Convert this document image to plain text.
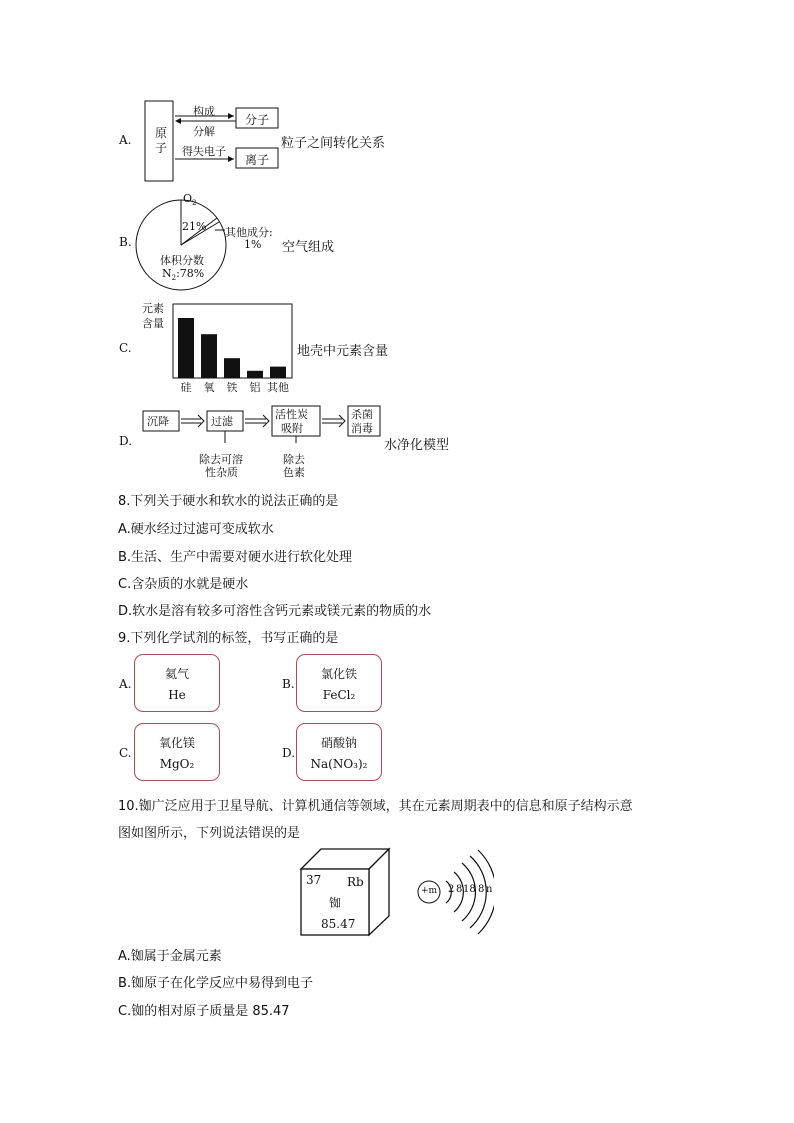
A.	原
子
构成
分解
得失电子
分子
离子
粒子之间转化关系
B.
$O_2$
21% 其他成分:
1%
体积分数
$N_2:78\%$
空气组成
C.
元素
含量
硅 氧 铁 铝 其他
地壳中元素含量
D.
沉降	过滤
活性炭
吸附
杀菌
消毒
除去可溶
性杂质
除去
色素
水净化模型
8.下列关于硬水和软水的说法正确的是
A.硬水经过过滤可变成软水
B.生活、生产中需要对硬水进行软化处理
C.含杂质的水就是硬水
D.软水是溶有较多可溶性含钙元素或镁元素的物质的水
9.下列化学试剂的标签，书写正确的是
A.
氦气
He
B.
氯化铁
FeCl₂
C.
氧化镁
MgO₂
D.
硝酸钠
Na(NO₃)₂
10.铷广泛应用于卫星导航、计算机通信等领域，其在元素周期表中的信息和原子结构示意
图如图所示，下列说法错误的是
37 Rb
铷
85.47
+m 2 8 18 8 n
A.铷属于金属元素
B.铷原子在化学反应中易得到电子
C.铷的相对原子质量是 85.47
